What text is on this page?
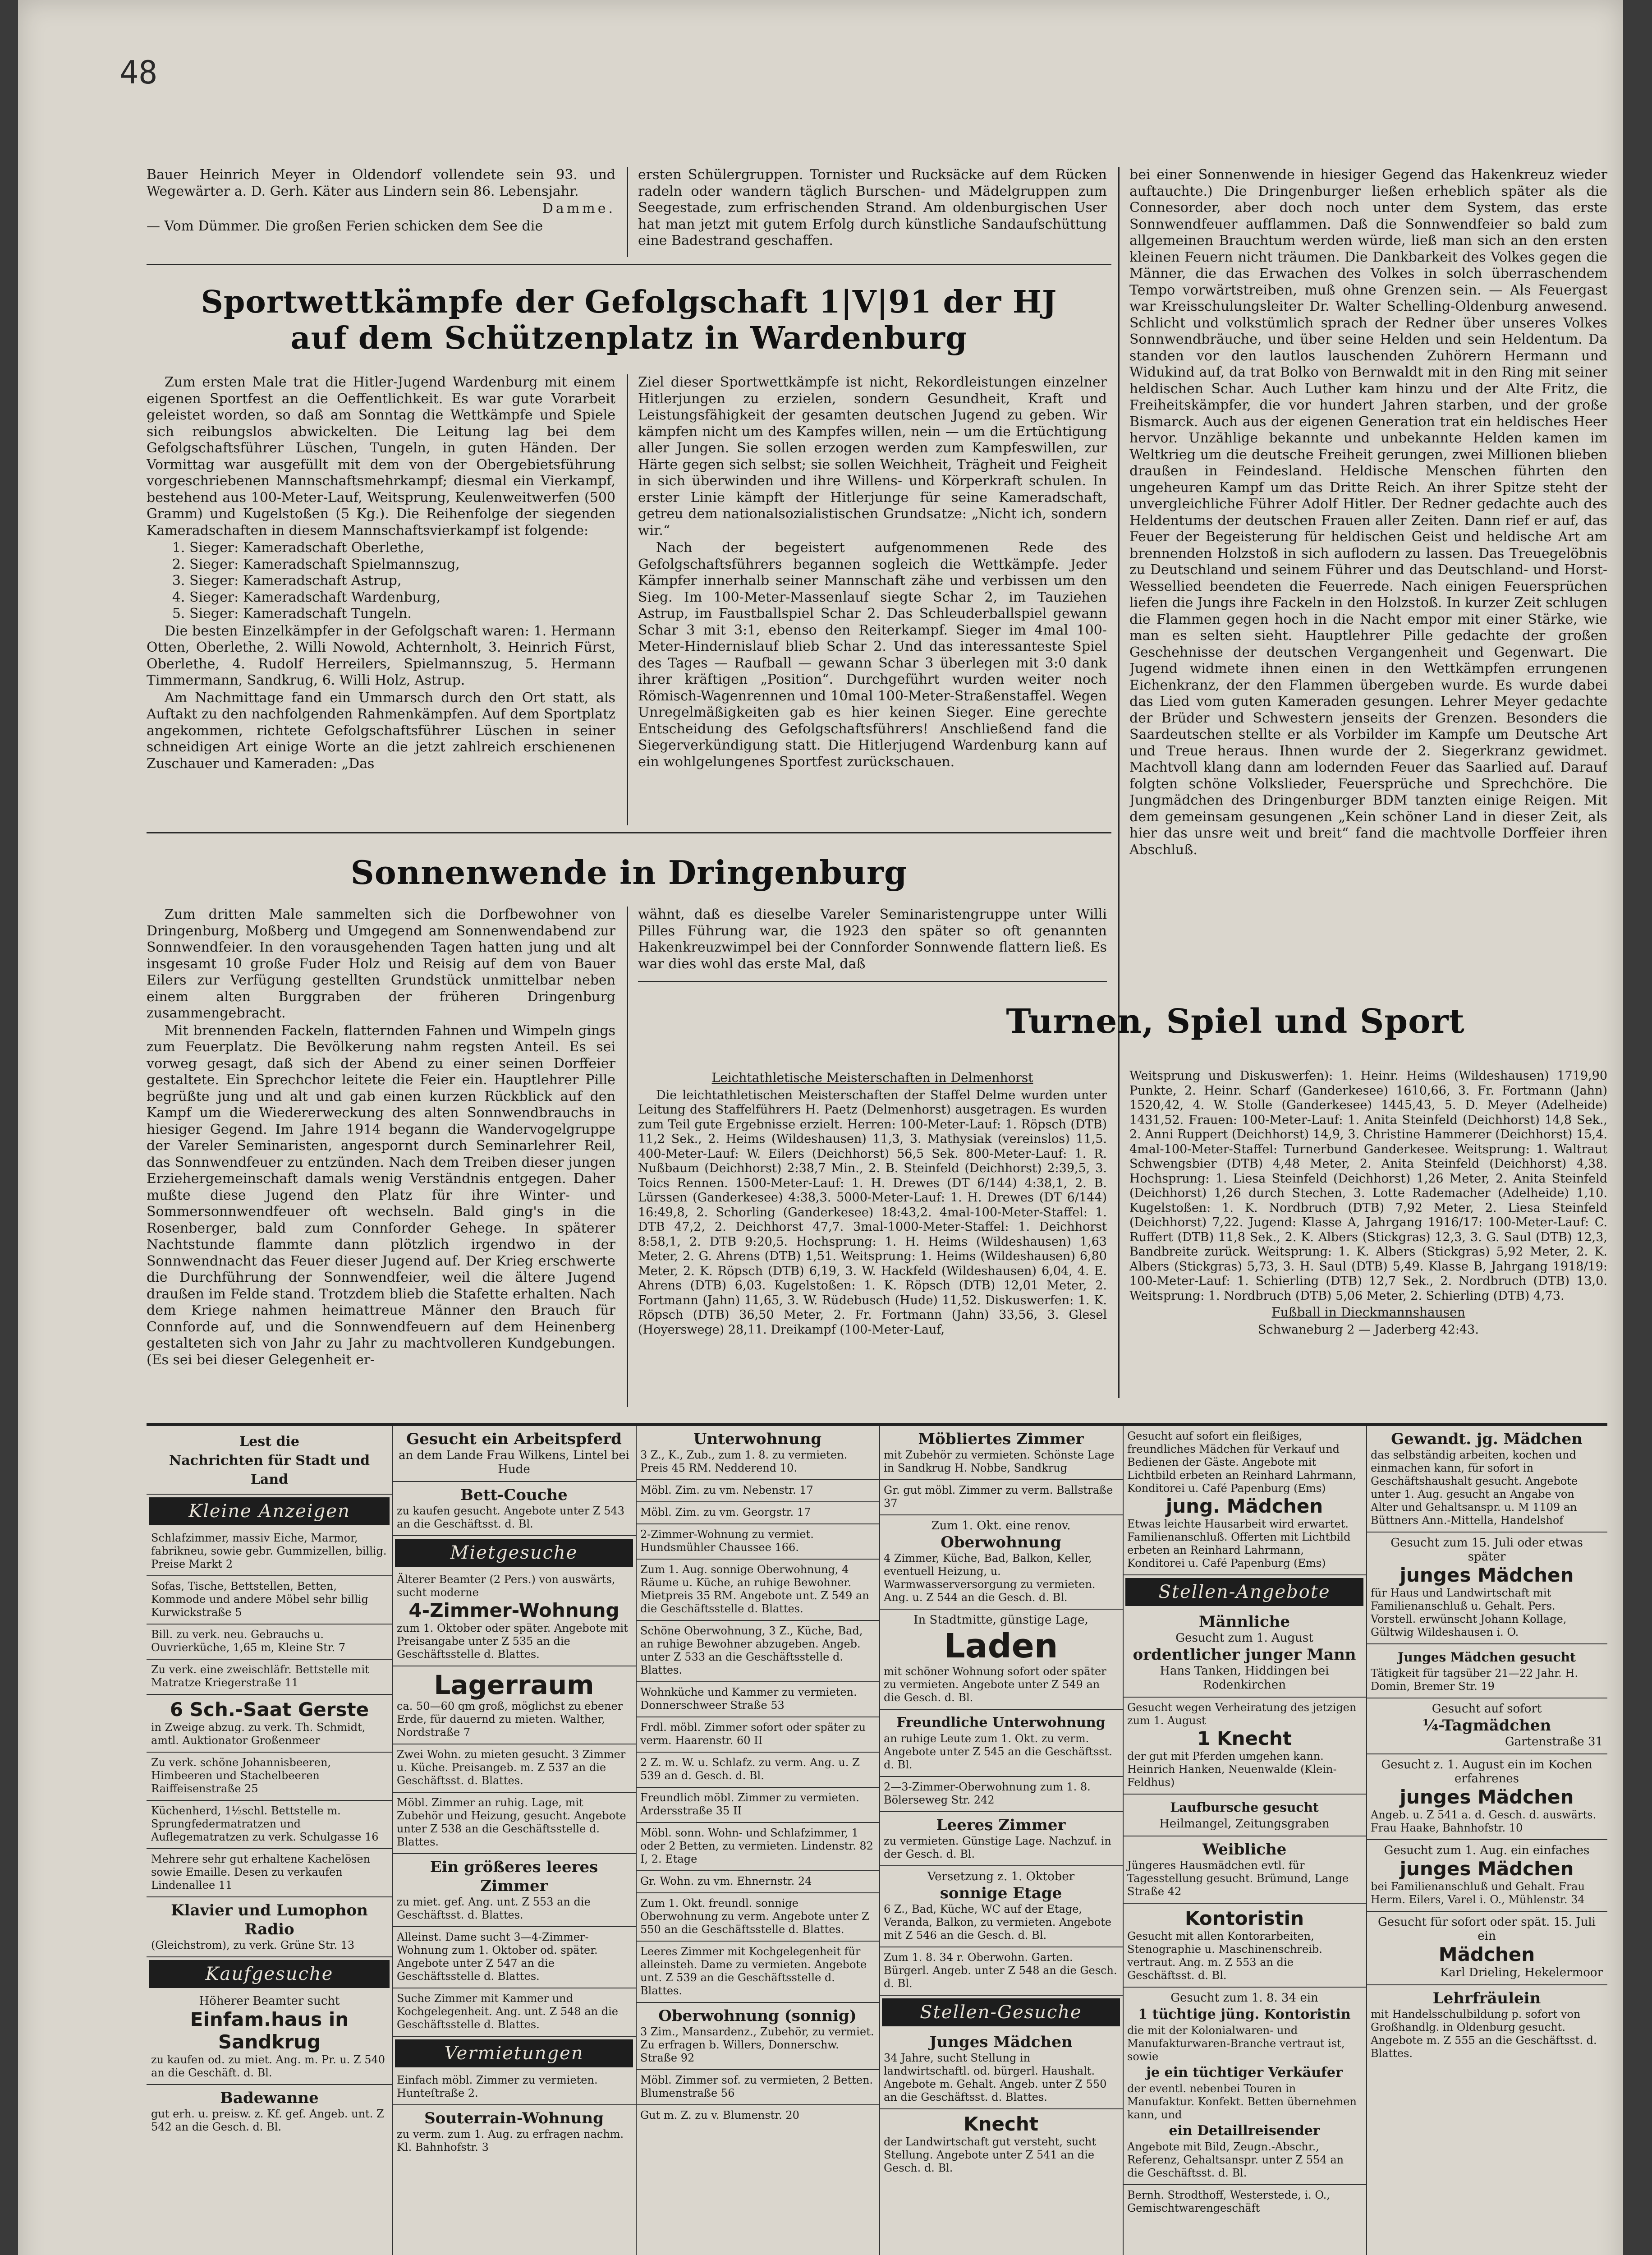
48

Bauer Heinrich Meyer in Oldendorf vollendete sein 93. und Wegewärter a. D. Gerh. Käter aus Lindern sein 86. Lebensjahr.

Damme.

— Vom Dümmer. Die großen Ferien schicken dem See die

ersten Schülergruppen. Tornister und Rucksäcke auf dem Rücken radeln oder wandern täglich Burschen- und Mädelgruppen zum Seegestade, zum erfrischenden Strand. Am oldenburgischen User hat man jetzt mit gutem Erfolg durch künstliche Sandaufschüttung eine Badestrand geschaffen.

Sportwettkämpfe der Gefolgschaft 1|V|91 der HJ
auf dem Schützenplatz in Wardenburg

Zum ersten Male trat die Hitler-Jugend Wardenburg mit einem eigenen Sportfest an die Oeffentlichkeit. Es war gute Vorarbeit geleistet worden, so daß am Sonntag die Wettkämpfe und Spiele sich reibungslos abwickelten. Die Leitung lag bei dem Gefolgschaftsführer Lüschen, Tungeln, in guten Händen. Der Vormittag war ausgefüllt mit dem von der Obergebietsführung vorgeschriebenen Mannschaftsmehrkampf; diesmal ein Vierkampf, bestehend aus 100-Meter-Lauf, Weitsprung, Keulenweitwerfen (500 Gramm) und Kugelstoßen (5 Kg.). Die Reihenfolge der siegenden Kameradschaften in diesem Mannschaftsvierkampf ist folgende:

1. Sieger: Kameradschaft Oberlethe,
2. Sieger: Kameradschaft Spielmannszug,
3. Sieger: Kameradschaft Astrup,
4. Sieger: Kameradschaft Wardenburg,
5. Sieger: Kameradschaft Tungeln.

Die besten Einzelkämpfer in der Gefolgschaft waren: 1. Hermann Otten, Oberlethe, 2. Willi Nowold, Achternholt, 3. Heinrich Fürst, Oberlethe, 4. Rudolf Herreilers, Spielmannszug, 5. Hermann Timmermann, Sandkrug, 6. Willi Holz, Astrup.

Am Nachmittage fand ein Ummarsch durch den Ort statt, als Auftakt zu den nachfolgenden Rahmenkämpfen. Auf dem Sportplatz angekommen, richtete Gefolgschaftsführer Lüschen in seiner schneidigen Art einige Worte an die jetzt zahlreich erschienenen Zuschauer und Kameraden: „Das

Ziel dieser Sportwettkämpfe ist nicht, Rekordleistungen einzelner Hitlerjungen zu erzielen, sondern Gesundheit, Kraft und Leistungsfähigkeit der gesamten deutschen Jugend zu geben. Wir kämpfen nicht um des Kampfes willen, nein — um die Ertüchtigung aller Jungen. Sie sollen erzogen werden zum Kampfeswillen, zur Härte gegen sich selbst; sie sollen Weichheit, Trägheit und Feigheit in sich überwinden und ihre Willens- und Körperkraft schulen. In erster Linie kämpft der Hitlerjunge für seine Kameradschaft, getreu dem nationalsozialistischen Grundsatze: „Nicht ich, sondern wir.“

Nach der begeistert aufgenommenen Rede des Gefolgschaftsführers begannen sogleich die Wettkämpfe. Jeder Kämpfer innerhalb seiner Mannschaft zähe und verbissen um den Sieg. Im 100-Meter-Massenlauf siegte Schar 2, im Tauziehen Astrup, im Faustballspiel Schar 2. Das Schleuderballspiel gewann Schar 3 mit 3:1, ebenso den Reiterkampf. Sieger im 4mal 100-Meter-Hindernislauf blieb Schar 2. Und das interessanteste Spiel des Tages — Raufball — gewann Schar 3 überlegen mit 3:0 dank ihrer kräftigen „Position“. Durchgeführt wurden weiter noch Römisch-Wagenrennen und 10mal 100-Meter-Straßenstaffel. Wegen Unregelmäßigkeiten gab es hier keinen Sieger. Eine gerechte Entscheidung des Gefolgschaftsführers! Anschließend fand die Siegerverkündigung statt. Die Hitlerjugend Wardenburg kann auf ein wohlgelungenes Sportfest zurückschauen.

Sonnenwende in Dringenburg

Zum dritten Male sammelten sich die Dorfbewohner von Dringenburg, Moßberg und Umgegend am Sonnenwendabend zur Sonnwendfeier. In den vorausgehenden Tagen hatten jung und alt insgesamt 10 große Fuder Holz und Reisig auf dem von Bauer Eilers zur Verfügung gestellten Grundstück unmittelbar neben einem alten Burggraben der früheren Dringenburg zusammengebracht.

Mit brennenden Fackeln, flatternden Fahnen und Wimpeln gings zum Feuerplatz. Die Bevölkerung nahm regsten Anteil. Es sei vorweg gesagt, daß sich der Abend zu einer seinen Dorffeier gestaltete. Ein Sprechchor leitete die Feier ein. Hauptlehrer Pille begrüßte jung und alt und gab einen kurzen Rückblick auf den Kampf um die Wiedererweckung des alten Sonnwendbrauchs in hiesiger Gegend. Im Jahre 1914 begann die Wandervogelgruppe der Vareler Seminaristen, angespornt durch Seminarlehrer Reil, das Sonnwendfeuer zu entzünden. Nach dem Treiben dieser jungen Erziehergemeinschaft damals wenig Verständnis entgegen. Daher mußte diese Jugend den Platz für ihre Winter- und Sommersonnwendfeuer oft wechseln. Bald ging's in die Rosenberger, bald zum Connforder Gehege. In späterer Nachtstunde flammte dann plötzlich irgendwo in der Sonnwendnacht das Feuer dieser Jugend auf. Der Krieg erschwerte die Durchführung der Sonnwendfeier, weil die ältere Jugend draußen im Felde stand. Trotzdem blieb die Stafette erhalten. Nach dem Kriege nahmen heimattreue Männer den Brauch für Connforde auf, und die Sonnwendfeuern auf dem Heinenberg gestalteten sich von Jahr zu Jahr zu machtvolleren Kundgebungen. (Es sei bei dieser Gelegenheit er-

wähnt, daß es dieselbe Vareler Seminaristengruppe unter Willi Pilles Führung war, die 1923 den später so oft genannten Hakenkreuzwimpel bei der Connforder Sonnwende flattern ließ. Es war dies wohl das erste Mal, daß

bei einer Sonnenwende in hiesiger Gegend das Hakenkreuz wieder auftauchte.) Die Dringenburger ließen erheblich später als die Connesorder, aber doch noch unter dem System, das erste Sonnwendfeuer aufflammen. Daß die Sonnwendfeier so bald zum allgemeinen Brauchtum werden würde, ließ man sich an den ersten kleinen Feuern nicht träumen. Die Dankbarkeit des Volkes gegen die Männer, die das Erwachen des Volkes in solch überraschendem Tempo vorwärtstreiben, muß ohne Grenzen sein. — Als Feuergast war Kreisschulungsleiter Dr. Walter Schelling-Oldenburg anwesend. Schlicht und volkstümlich sprach der Redner über unseres Volkes Sonnwendbräuche, und über seine Helden und sein Heldentum. Da standen vor den lautlos lauschenden Zuhörern Hermann und Widukind auf, da trat Bolko von Bernwaldt mit in den Ring mit seiner heldischen Schar. Auch Luther kam hinzu und der Alte Fritz, die Freiheitskämpfer, die vor hundert Jahren starben, und der große Bismarck. Auch aus der eigenen Generation trat ein heldisches Heer hervor. Unzählige bekannte und unbekannte Helden kamen im Weltkrieg um die deutsche Freiheit gerungen, zwei Millionen blieben draußen in Feindesland. Heldische Menschen führten den ungeheuren Kampf um das Dritte Reich. An ihrer Spitze steht der unvergleichliche Führer Adolf Hitler. Der Redner gedachte auch des Heldentums der deutschen Frauen aller Zeiten. Dann rief er auf, das Feuer der Begeisterung für heldischen Geist und heldische Art am brennenden Holzstoß in sich auflodern zu lassen. Das Treuegelöbnis zu Deutschland und seinem Führer und das Deutschland- und Horst-Wessellied beendeten die Feuerrede. Nach einigen Feuersprüchen liefen die Jungs ihre Fackeln in den Holzstoß. In kurzer Zeit schlugen die Flammen gegen hoch in die Nacht empor mit einer Stärke, wie man es selten sieht. Hauptlehrer Pille gedachte der großen Geschehnisse der deutschen Vergangenheit und Gegenwart. Die Jugend widmete ihnen einen in den Wettkämpfen errungenen Eichenkranz, der den Flammen übergeben wurde. Es wurde dabei das Lied vom guten Kameraden gesungen. Lehrer Meyer gedachte der Brüder und Schwestern jenseits der Grenzen. Besonders die Saardeutschen stellte er als Vorbilder im Kampfe um Deutsche Art und Treue heraus. Ihnen wurde der 2. Siegerkranz gewidmet. Machtvoll klang dann am lodernden Feuer das Saarlied auf. Darauf folgten schöne Volkslieder, Feuersprüche und Sprechchöre. Die Jungmädchen des Dringenburger BDM tanzten einige Reigen. Mit dem gemeinsam gesungenen „Kein schöner Land in dieser Zeit, als hier das unsre weit und breit“ fand die machtvolle Dorffeier ihren Abschluß.

Turnen, Spiel und Sport

Leichtathletische Meisterschaften in Delmenhorst

Die leichtathletischen Meisterschaften der Staffel Delme wurden unter Leitung des Staffelführers H. Paetz (Delmenhorst) ausgetragen. Es wurden zum Teil gute Ergebnisse erzielt. Herren: 100-Meter-Lauf: 1. Röpsch (DTB) 11,2 Sek., 2. Heims (Wildeshausen) 11,3, 3. Mathysiak (vereinslos) 11,5. 400-Meter-Lauf: W. Eilers (Deichhorst) 56,5 Sek. 800-Meter-Lauf: 1. R. Nußbaum (Deichhorst) 2:38,7 Min., 2. B. Steinfeld (Deichhorst) 2:39,5, 3. Toics Rennen. 1500-Meter-Lauf: 1. H. Drewes (DT 6/144) 4:38,1, 2. B. Lürssen (Ganderkesee) 4:38,3. 5000-Meter-Lauf: 1. H. Drewes (DT 6/144) 16:49,8, 2. Schorling (Ganderkesee) 18:43,2. 4mal-100-Meter-Staffel: 1. DTB 47,2, 2. Deichhorst 47,7. 3mal-1000-Meter-Staffel: 1. Deichhorst 8:58,1, 2. DTB 9:20,5. Hochsprung: 1. H. Heims (Wildeshausen) 1,63 Meter, 2. G. Ahrens (DTB) 1,51. Weitsprung: 1. Heims (Wildeshausen) 6,80 Meter, 2. K. Röpsch (DTB) 6,19, 3. W. Hackfeld (Wildeshausen) 6,04, 4. E. Ahrens (DTB) 6,03. Kugelstoßen: 1. K. Röpsch (DTB) 12,01 Meter, 2. Fortmann (Jahn) 11,65, 3. W. Rüdebusch (Hude) 11,52. Diskuswerfen: 1. K. Röpsch (DTB) 36,50 Meter, 2. Fr. Fortmann (Jahn) 33,56, 3. Glesel (Hoyerswege) 28,11. Dreikampf (100-Meter-Lauf,

Weitsprung und Diskuswerfen): 1. Heinr. Heims (Wildeshausen) 1719,90 Punkte, 2. Heinr. Scharf (Ganderkesee) 1610,66, 3. Fr. Fortmann (Jahn) 1520,42, 4. W. Stolle (Ganderkesee) 1445,43, 5. D. Meyer (Adelheide) 1431,52. Frauen: 100-Meter-Lauf: 1. Anita Steinfeld (Deichhorst) 14,8 Sek., 2. Anni Ruppert (Deichhorst) 14,9, 3. Christine Hammerer (Deichhorst) 15,4. 4mal-100-Meter-Staffel: Turnerbund Ganderkesee. Weitsprung: 1. Waltraut Schwengsbier (DTB) 4,48 Meter, 2. Anita Steinfeld (Deichhorst) 4,38. Hochsprung: 1. Liesa Steinfeld (Deichhorst) 1,26 Meter, 2. Anita Steinfeld (Deichhorst) 1,26 durch Stechen, 3. Lotte Rademacher (Adelheide) 1,10. Kugelstoßen: 1. K. Nordbruch (DTB) 7,92 Meter, 2. Liesa Steinfeld (Deichhorst) 7,22. Jugend: Klasse A, Jahrgang 1916/17: 100-Meter-Lauf: C. Ruffert (DTB) 11,8 Sek., 2. K. Albers (Stickgras) 12,3, 3. G. Saul (DTB) 12,3, Bandbreite zurück. Weitsprung: 1. K. Albers (Stickgras) 5,92 Meter, 2. K. Albers (Stickgras) 5,73, 3. H. Saul (DTB) 5,49. Klasse B, Jahrgang 1918/19: 100-Meter-Lauf: 1. Schierling (DTB) 12,7 Sek., 2. Nordbruch (DTB) 13,0. Weitsprung: 1. Nordbruch (DTB) 5,06 Meter, 2. Schierling (DTB) 4,73.

Fußball in Dieckmannshausen

Schwaneburg 2 — Jaderberg 42:43.

Lest die
Nachrichten für Stadt und Land
Kleine Anzeigen
Schlafzimmer, massiv Eiche, Marmor, fabrikneu, sowie gebr. Gummizellen, billig. Preise Markt 2
Sofas, Tische, Bettstellen, Betten, Kommode und andere Möbel sehr billig Kurwickstraße 5
Bill. zu verk. neu. Gebrauchs u. Ouvrierküche, 1,65 m, Kleine Str. 7
Zu verk. eine zweischläfr. Bettstelle mit Matratze Kriegerstraße 11
6 Sch.-Saat Gerste
in Zweige abzug. zu verk. Th. Schmidt, amtl. Auktionator Großenmeer
Zu verk. schöne Johannisbeeren, Himbeeren und Stachelbeeren Raiffeisenstraße 25
Küchenherd, 1½schl. Bettstelle m. Sprungfedermatratzen und Auflegematratzen zu verk. Schulgasse 16
Mehrere sehr gut erhaltene Kachelösen sowie Emaille. Desen zu verkaufen Lindenallee 11
Klavier und Lumophon Radio
(Gleichstrom), zu verk. Grüne Str. 13
Kaufgesuche
Höherer Beamter sucht
Einfam.haus in Sandkrug
zu kaufen od. zu miet. Ang. m. Pr. u. Z 540 an die Geschäft. d. Bl.
Badewanne
gut erh. u. preisw. z. Kf. gef. Angeb. unt. Z 542 an die Gesch. d. Bl.
Gesucht ein Arbeitspferd
an dem Lande Frau Wilkens, Lintel bei Hude
Bett-Couche
zu kaufen gesucht. Angebote unter Z 543 an die Geschäftsst. d. Bl.
Mietgesuche
Älterer Beamter (2 Pers.) von auswärts, sucht moderne
4-Zimmer-Wohnung
zum 1. Oktober oder später. Angebote mit Preisangabe unter Z 535 an die Geschäftsstelle d. Blattes.
Lagerraum
ca. 50—60 qm groß, möglichst zu ebener Erde, für dauernd zu mieten. Walther, Nordstraße 7
Zwei Wohn. zu mieten gesucht. 3 Zimmer u. Küche. Preisangeb. m. Z 537 an die Geschäftsst. d. Blattes.
Möbl. Zimmer an ruhig. Lage, mit Zubehör und Heizung, gesucht. Angebote unter Z 538 an die Geschäftsstelle d. Blattes.
Ein größeres leeres Zimmer
zu miet. gef. Ang. unt. Z 553 an die Geschäftsst. d. Blattes.
Alleinst. Dame sucht 3—4-Zimmer-Wohnung zum 1. Oktober od. später. Angebote unter Z 547 an die Geschäftsstelle d. Blattes.
Suche Zimmer mit Kammer und Kochgelegenheit. Ang. unt. Z 548 an die Geschäftsstelle d. Blattes.
Vermietungen
Einfach möbl. Zimmer zu vermieten. Hunteſtraße 2.
Souterrain-Wohnung
zu verm. zum 1. Aug. zu erfragen nachm. Kl. Bahnhofstr. 3
Unterwohnung
3 Z., K., Zub., zum 1. 8. zu vermieten. Preis 45 RM. Nedderend 10.
Möbl. Zim. zu vm. Nebenstr. 17
Möbl. Zim. zu vm. Georgstr. 17
2-Zimmer-Wohnung zu vermiet. Hundsmühler Chaussee 166.
Zum 1. Aug. sonnige Oberwohnung, 4 Räume u. Küche, an ruhige Bewohner. Mietpreis 35 RM. Angebote unt. Z 549 an die Geschäftsstelle d. Blattes.
Schöne Oberwohnung, 3 Z., Küche, Bad, an ruhige Bewohner abzugeben. Angeb. unter Z 533 an die Geschäftsstelle d. Blattes.
Wohnküche und Kammer zu vermieten. Donnerschweer Straße 53
Frdl. möbl. Zimmer sofort oder später zu verm. Haarenstr. 60 II
2 Z. m. W. u. Schlafz. zu verm. Ang. u. Z 539 an d. Gesch. d. Bl.
Freundlich möbl. Zimmer zu vermieten. Ardersstraße 35 II
Möbl. sonn. Wohn- und Schlafzimmer, 1 oder 2 Betten, zu vermieten. Lindenstr. 82 I, 2. Etage
Gr. Wohn. zu vm. Ehnernstr. 24
Zum 1. Okt. freundl. sonnige Oberwohnung zu verm. Angebote unter Z 550 an die Geschäftsstelle d. Blattes.
Leeres Zimmer mit Kochgelegenheit für alleinsteh. Dame zu vermieten. Angebote unt. Z 539 an die Geschäftsstelle d. Blattes.
Oberwohnung (sonnig)
3 Zim., Mansardenz., Zubehör, zu vermiet. Zu erfragen b. Willers, Donnerschw. Straße 92
Möbl. Zimmer sof. zu vermieten, 2 Betten. Blumenstraße 56
Gut m. Z. zu v. Blumenstr. 20
Möbliertes Zimmer
mit Zubehör zu vermieten. Schönste Lage in Sandkrug H. Nobbe, Sandkrug
Gr. gut möbl. Zimmer zu verm. Ballstraße 37
Zum 1. Okt. eine renov.
Oberwohnung
4 Zimmer, Küche, Bad, Balkon, Keller, eventuell Heizung, u. Warmwasserversorgung zu vermieten. Ang. u. Z 544 an die Gesch. d. Bl.
In Stadtmitte, günstige Lage,
Laden
mit schöner Wohnung sofort oder später zu vermieten. Angebote unter Z 549 an die Gesch. d. Bl.
Freundliche Unterwohnung
an ruhige Leute zum 1. Okt. zu verm. Angebote unter Z 545 an die Geschäftsst. d. Bl.
2—3-Zimmer-Oberwohnung zum 1. 8. Bölerseweg Str. 242
Leeres Zimmer
zu vermieten. Günstige Lage. Nachzuf. in der Gesch. d. Bl.
Versetzung z. 1. Oktober
sonnige Etage
6 Z., Bad, Küche, WC auf der Etage, Veranda, Balkon, zu vermieten. Angebote mit Z 546 an die Gesch. d. Bl.
Zum 1. 8. 34 r. Oberwohn. Garten. Bürgerl. Angeb. unter Z 548 an die Gesch. d. Bl.
Stellen-Gesuche
Junges Mädchen
34 Jahre, sucht Stellung in landwirtschaftl. od. bürgerl. Haushalt. Angebote m. Gehalt. Angeb. unter Z 550 an die Geschäftsst. d. Blattes.
Knecht
der Landwirtschaft gut versteht, sucht Stellung. Angebote unter Z 541 an die Gesch. d. Bl.
Gesucht auf sofort ein fleißiges, freundliches Mädchen für Verkauf und Bedienen der Gäste. Angebote mit Lichtbild erbeten an Reinhard Lahrmann, Konditorei u. Café Papenburg (Ems)
jung. Mädchen
Etwas leichte Hausarbeit wird erwartet. Familienanschluß. Offerten mit Lichtbild erbeten an Reinhard Lahrmann, Konditorei u. Café Papenburg (Ems)
Stellen-Angebote
Männliche
Gesucht zum 1. August
ordentlicher junger Mann
Hans Tanken, Hiddingen bei Rodenkirchen
Gesucht wegen Verheiratung des jetzigen zum 1. August
1 Knecht
der gut mit Pferden umgehen kann. Heinrich Hanken, Neuenwalde (Klein-Feldhus)
Laufbursche gesucht
Heilmangel, Zeitungsgraben
Weibliche
Jüngeres Hausmädchen evtl. für Tagesstellung gesucht. Brümund, Lange Straße 42
Kontoristin
Gesucht mit allen Kontorarbeiten, Stenographie u. Maschinenschreib. vertraut. Ang. m. Z 553 an die Geschäftsst. d. Bl.
Gesucht zum 1. 8. 34 ein
1 tüchtige jüng. Kontoristin
die mit der Kolonialwaren- und Manufakturwaren-Branche vertraut ist, sowie
je ein tüchtiger Verkäufer
der eventl. nebenbei Touren in Manufaktur. Konfekt. Betten übernehmen kann, und
ein Detaillreisender
Angebote mit Bild, Zeugn.-Abschr., Referenz, Gehaltsanspr. unter Z 554 an die Geschäftsst. d. Bl.
Bernh. Strodthoff, Westerstede, i. O., Gemischtwarengeschäft
Gewandt. jg. Mädchen
das selbständig arbeiten, kochen und einmachen kann, für sofort in Geschäftshaushalt gesucht. Angebote unter 1. Aug. gesucht an Angabe von Alter und Gehaltsanspr. u. M 1109 an Büttners Ann.-Mittella, Handelshof
Gesucht zum 15. Juli oder etwas später
junges Mädchen
für Haus und Landwirtschaft mit Familienanschluß u. Gehalt. Pers. Vorstell. erwünscht Johann Kollage, Gültwig Wildeshausen i. O.
Junges Mädchen gesucht
Tätigkeit für tagsüber 21—22 Jahr. H. Domin, Bremer Str. 19
Gesucht auf sofort
¼-Tagmädchen
Gartenstraße 31
Gesucht z. 1. August ein im Kochen erfahrenes
junges Mädchen
Angeb. u. Z 541 a. d. Gesch. d. auswärts. Frau Haake, Bahnhofstr. 10
Gesucht zum 1. Aug. ein einfaches
junges Mädchen
bei Familienanschluß und Gehalt. Frau Herm. Eilers, Varel i. O., Mühlenstr. 34
Gesucht für sofort oder spät. 15. Juli ein
Mädchen
Karl Drieling, Hekelermoor
Lehrfräulein
mit Handelsschulbildung p. sofort von Großhandlg. in Oldenburg gesucht. Angebote m. Z 555 an die Geschäftsst. d. Blattes.
